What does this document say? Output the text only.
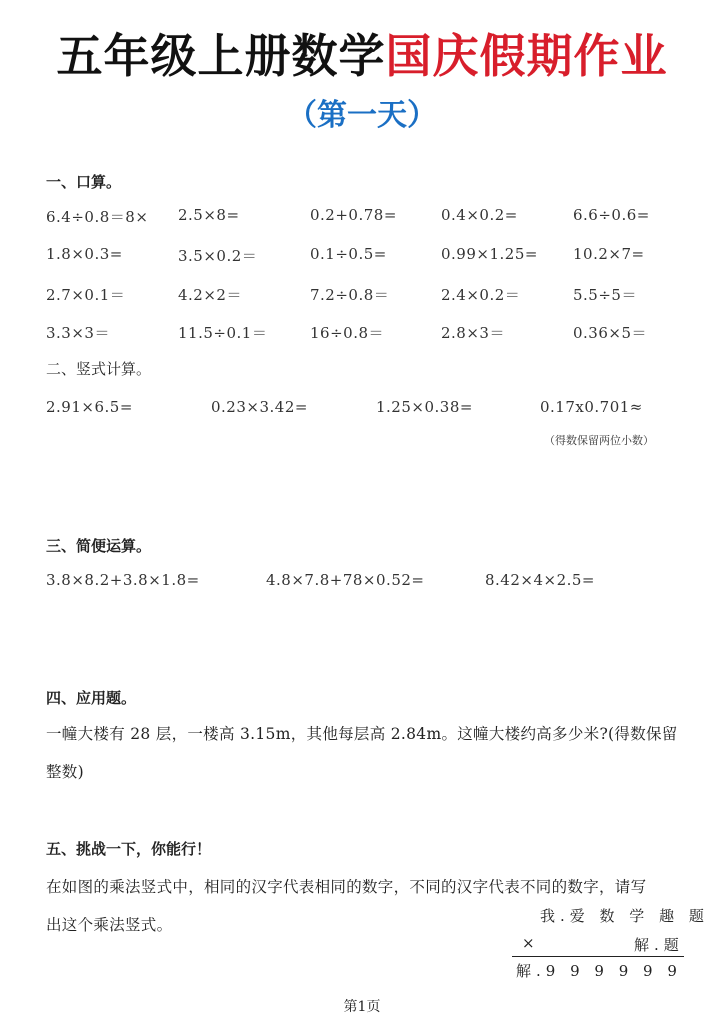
五年级上册数学国庆假期作业
（第一天）
一、口算。
6.4÷0.8＝8× 2.5×8=	0.2+0.78=	0.4×0.2=	6.6÷0.6=
1.8×0.3=	3.5×0.2＝	0.1÷0.5=	0.99×1.25= 10.2×7=
2.7×0.1＝	4.2×2＝	7.2÷0.8＝	2.4×0.2＝	5.5÷5＝
3.3×3＝	11.5÷0.1＝	16÷0.8＝	2.8×3＝	0.36×5＝
二、竖式计算。
2.91×6.5=	0.23×3.42=	1.25×0.38=	0.17x0.701≈
（得数保留两位小数）
三、简便运算。
3.8×8.2+3.8×1.8=	4.8×7.8+78×0.52=	8.42×4×2.5=
四、应用题。
一幢大楼有 28 层，一楼高 3.15m，其他每层高 2.84m。这幢大楼约高多少米?(得数保留
整数)
五、挑战一下，你能行！
在如图的乘法竖式中，相同的汉字代表相同的数字，不同的汉字代表不同的数字，请写
出这个乘法竖式。	我.爱 数 学 趣 题
×	解.题
解.9 9 9 9 9 9
第1页
